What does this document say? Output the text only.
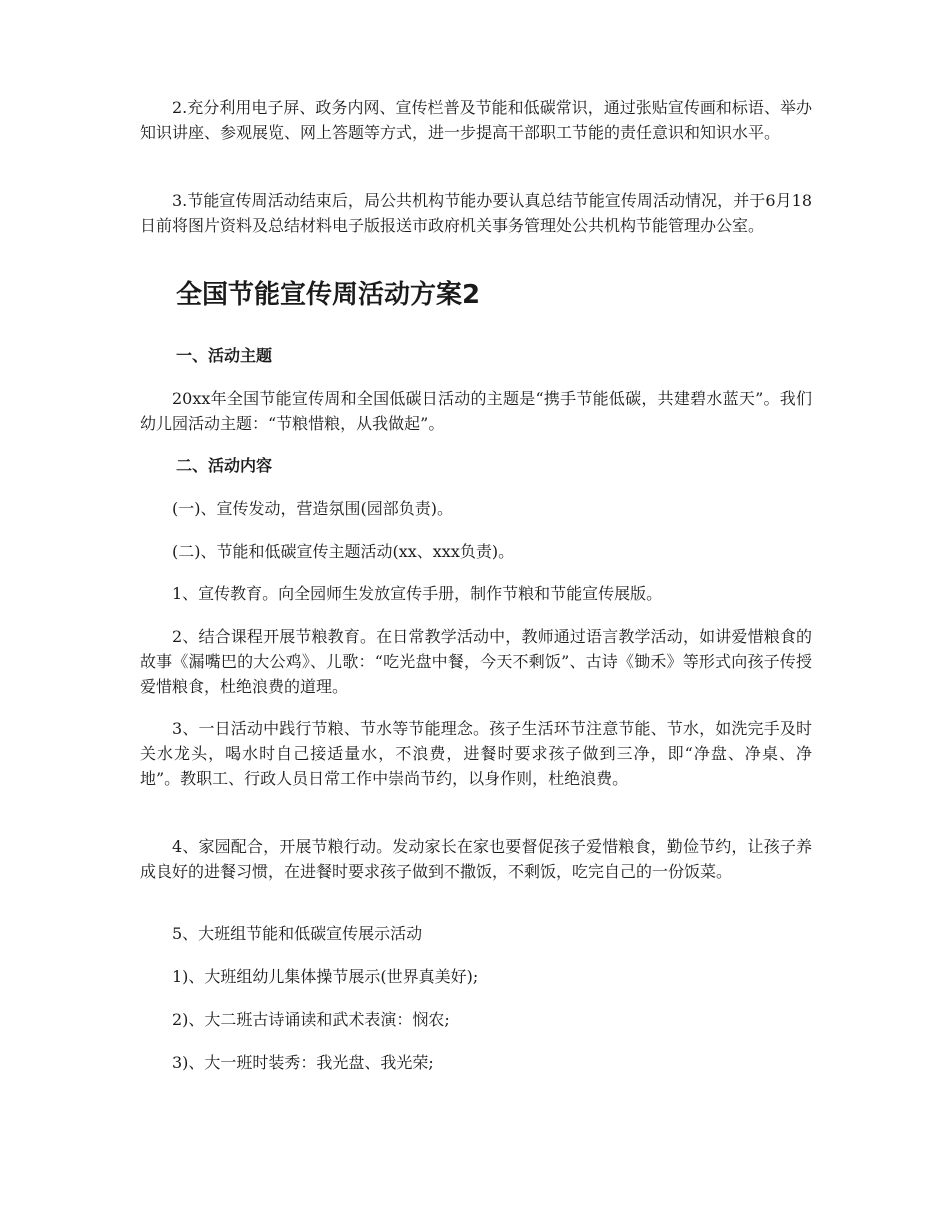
2.充分利用电子屏、政务内网、宣传栏普及节能和低碳常识，通过张贴宣传画和标语、举办知识讲座、参观展览、网上答题等方式，进一步提高干部职工节能的责任意识和知识水平。

3.节能宣传周活动结束后，局公共机构节能办要认真总结节能宣传周活动情况，并于6月18日前将图片资料及总结材料电子版报送市政府机关事务管理处公共机构节能管理办公室。

全国节能宣传周活动方案2
一、活动主题

20xx年全国节能宣传周和全国低碳日活动的主题是“携手节能低碳，共建碧水蓝天”。我们幼儿园活动主题：“节粮惜粮，从我做起”。

二、活动内容

(一)、宣传发动，营造氛围(园部负责)。

(二)、节能和低碳宣传主题活动(xx、xxx负责)。

1、宣传教育。向全园师生发放宣传手册，制作节粮和节能宣传展版。

2、结合课程开展节粮教育。在日常教学活动中，教师通过语言教学活动，如讲爱惜粮食的故事《漏嘴巴的大公鸡》、儿歌：“吃光盘中餐，今天不剩饭”、古诗《锄禾》等形式向孩子传授爱惜粮食，杜绝浪费的道理。

3、一日活动中践行节粮、节水等节能理念。孩子生活环节注意节能、节水，如洗完手及时关水龙头，喝水时自己接适量水，不浪费，进餐时要求孩子做到三净，即“净盘、净桌、净地”。教职工、行政人员日常工作中崇尚节约，以身作则，杜绝浪费。

4、家园配合，开展节粮行动。发动家长在家也要督促孩子爱惜粮食，勤俭节约，让孩子养成良好的进餐习惯，在进餐时要求孩子做到不撒饭，不剩饭，吃完自己的一份饭菜。

5、大班组节能和低碳宣传展示活动

1)、大班组幼儿集体操节展示(世界真美好);

2)、大二班古诗诵读和武术表演：悯农;

3)、大一班时装秀：我光盘、我光荣;
